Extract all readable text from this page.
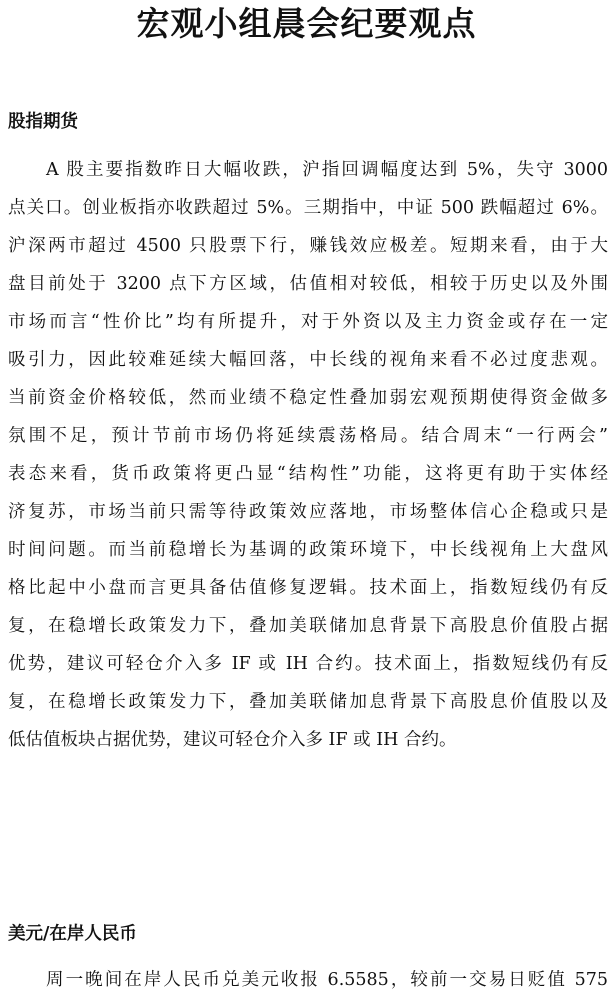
宏观小组晨会纪要观点
股指期货

A 股主要指数昨日大幅收跌，沪指回调幅度达到 5%，失守 3000
点关口。创业板指亦收跌超过 5%。三期指中，中证 500 跌幅超过 6%。
沪深两市超过 4500 只股票下行，赚钱效应极差。短期来看，由于大
盘目前处于 3200 点下方区域，估值相对较低，相较于历史以及外围
市场而言“性价比”均有所提升，对于外资以及主力资金或存在一定
吸引力，因此较难延续大幅回落，中长线的视角来看不必过度悲观。
当前资金价格较低，然而业绩不稳定性叠加弱宏观预期使得资金做多
氛围不足，预计节前市场仍将延续震荡格局。结合周末“一行两会”
表态来看，货币政策将更凸显“结构性”功能，这将更有助于实体经
济复苏，市场当前只需等待政策效应落地，市场整体信心企稳或只是
时间问题。而当前稳增长为基调的政策环境下，中长线视角上大盘风
格比起中小盘而言更具备估值修复逻辑。技术面上，指数短线仍有反
复，在稳增长政策发力下，叠加美联储加息背景下高股息价值股占据
优势，建议可轻仓介入多 IF 或 IH 合约。技术面上，指数短线仍有反
复，在稳增长政策发力下，叠加美联储加息背景下高股息价值股以及
低估值板块占据优势，建议可轻仓介入多 IF 或 IH 合约。

美元/在岸人民币

周一晚间在岸人民币兑美元收报 6.5585，较前一交易日贬值 575
